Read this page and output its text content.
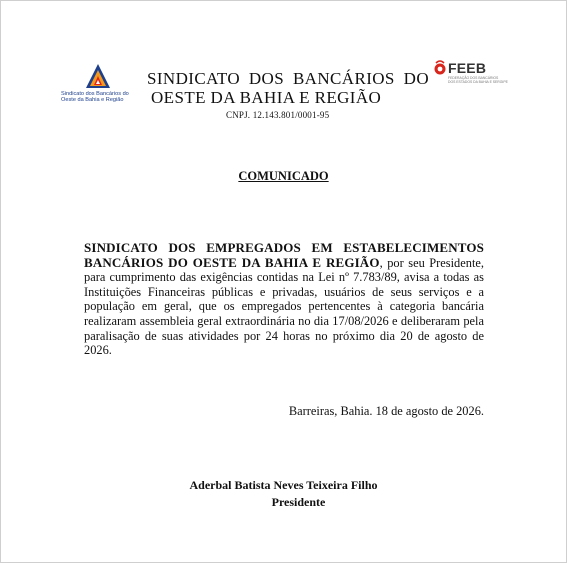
Sindicato dos Bancários do
Oeste da Bahia e Região
SINDICATO DOS BANCÁRIOS DO
OESTE DA BAHIA E REGIÃO
FEEB
FEDERAÇÃO DOS BANCÁRIOS
DOS ESTADOS DA BAHIA E SERGIPE
CNPJ. 12.143.801/0001-95
COMUNICADO
SINDICATO DOS EMPREGADOS EM ESTABELECIMENTOS BANCÁRIOS DO OESTE DA BAHIA E REGIÃO, por seu Presidente, para cumprimento das exigências contidas na Lei nº 7.783/89, avisa a todas as Instituições Financeiras públicas e privadas, usuários de seus serviços e a população em geral, que os empregados pertencentes à categoria bancária realizaram assembleia geral extraordinária no dia 17/08/2026 e deliberaram pela paralisação de suas atividades por 24 horas no próximo dia 20 de agosto de 2026.
Barreiras, Bahia. 18 de agosto de 2026.
Aderbal Batista Neves Teixeira Filho
Presidente
